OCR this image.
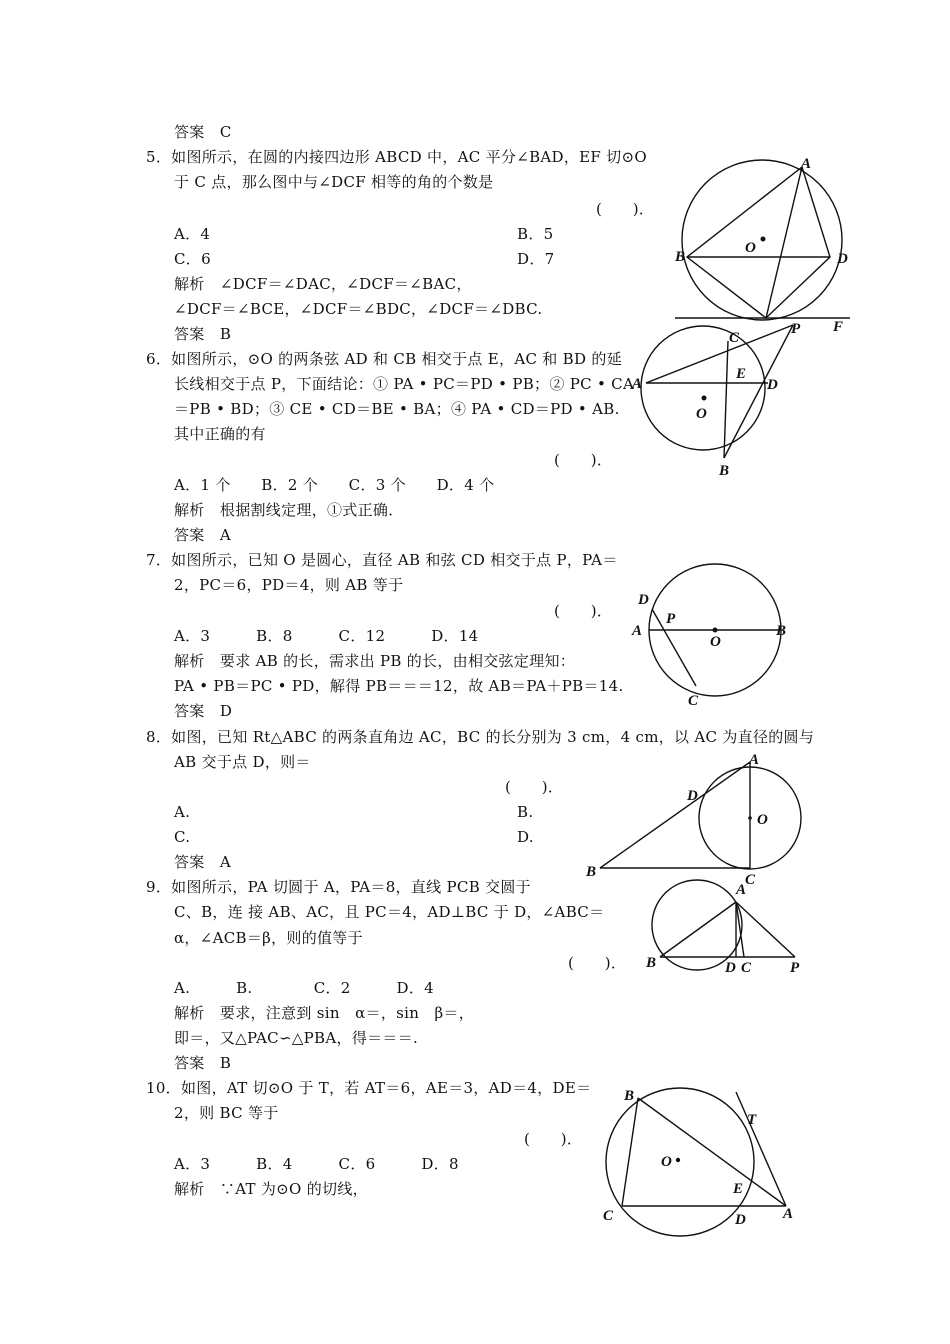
答案　C
5．如图所示，在圆的内接四边形 ABCD 中，AC 平分∠BAD，EF 切⊙O
于 C 点，那么图中与∠DCF 相等的角的个数是
(　　)．
A．4	B．5
C．6	D．7
解析　∠DCF＝∠DAC，∠DCF＝∠BAC，
∠DCF＝∠BCE，∠DCF＝∠BDC，∠DCF＝∠DBC.
答案　B
6．如图所示，⊙O 的两条弦 AD 和 CB 相交于点 E，AC 和 BD 的延
长线相交于点 P，下面结论：① PA • PC＝PD • PB；② PC • CA
＝PB • BD；③ CE • CD＝BE • BA；④ PA • CD＝PD • AB.
其中正确的有
(　　)．
A．1 个　　B．2 个　　C．3 个　　D．4 个
解析　根据割线定理，①式正确．
答案　A
7．如图所示，已知 O 是圆心，直径 AB 和弦 CD 相交于点 P，PA＝
2，PC＝6，PD＝4，则 AB 等于
(　　)．
A．3　　　B．8　　　C．12　　　D．14
解析　要求 AB 的长，需求出 PB 的长，由相交弦定理知：
PA • PB＝PC • PD，解得 PB＝＝＝12，故 AB＝PA＋PB＝14.
答案　D
8．如图，已知 Rt△ABC 的两条直角边 AC，BC 的长分别为 3 cm，4 cm，以 AC 为直径的圆与
AB 交于点 D，则＝
(　　)．
A.	B.
C.	D.
答案　A
9．如图所示，PA 切圆于 A，PA＝8，直线 PCB 交圆于
C、B，连 接 AB、AC，且 PC＝4，AD⊥BC 于 D，∠ABC＝
α，∠ACB＝β，则的值等于
(　　)．
A.　　　B.　　　　C．2　　　D．4
解析　要求，注意到 sin　α＝，sin　β＝，
即＝，又△PAC∽△PBA，得＝＝＝.
答案　B
10．如图，AT 切⊙O 于 T，若 AT＝6，AE＝3，AD＝4，DE＝
2，则 BC 等于
(　　)．
A．3　　　B．4　　　C．6　　　D．8
解析　∵AT 为⊙O 的切线，
A
B
O
D
F
A
C
P
E
D
O
B
D
P
A
O
B
C
A
D
O
B	C
A
B	D C	P
B
T
O
E
C	D A
